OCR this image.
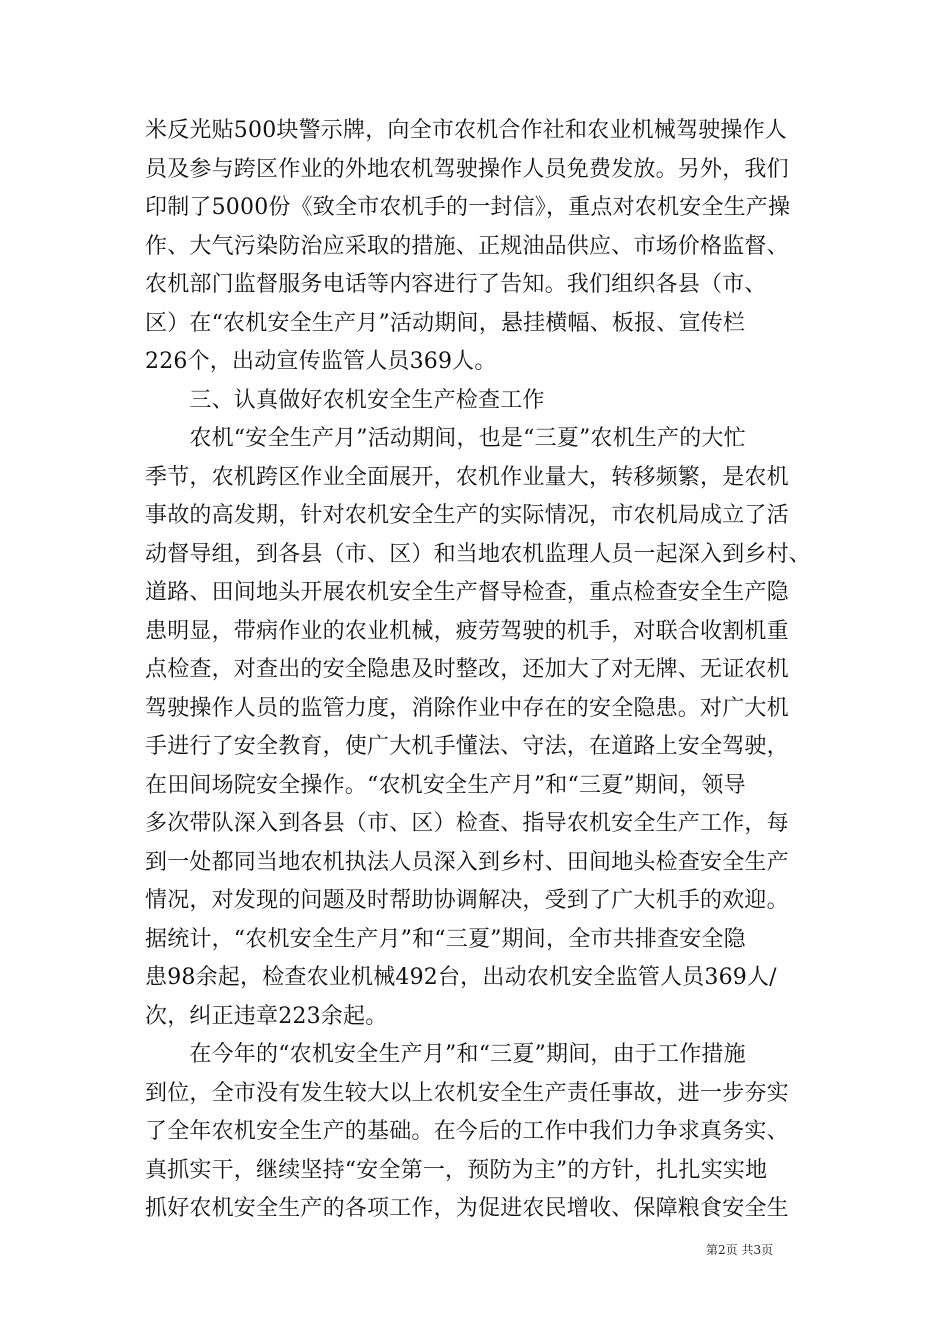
米反光贴500块警示牌，向全市农机合作社和农业机械驾驶操作人
员及参与跨区作业的外地农机驾驶操作人员免费发放。另外，我们
印制了5000份《致全市农机手的一封信》，重点对农机安全生产操
作、大气污染防治应采取的措施、正规油品供应、市场价格监督、
农机部门监督服务电话等内容进行了告知。我们组织各县（市、
区）在“农机安全生产月”活动期间，悬挂横幅、板报、宣传栏
226个，出动宣传监管人员369人。
　　三、认真做好农机安全生产检查工作
　　农机“安全生产月”活动期间，也是“三夏”农机生产的大忙
季节，农机跨区作业全面展开，农机作业量大，转移频繁，是农机
事故的高发期，针对农机安全生产的实际情况，市农机局成立了活
动督导组，到各县（市、区）和当地农机监理人员一起深入到乡村、
道路、田间地头开展农机安全生产督导检查，重点检查安全生产隐
患明显，带病作业的农业机械，疲劳驾驶的机手，对联合收割机重
点检查，对查出的安全隐患及时整改，还加大了对无牌、无证农机
驾驶操作人员的监管力度，消除作业中存在的安全隐患。对广大机
手进行了安全教育，使广大机手懂法、守法，在道路上安全驾驶，
在田间场院安全操作。“农机安全生产月”和“三夏”期间，领导
多次带队深入到各县（市、区）检查、指导农机安全生产工作，每
到一处都同当地农机执法人员深入到乡村、田间地头检查安全生产
情况，对发现的问题及时帮助协调解决，受到了广大机手的欢迎。
据统计，“农机安全生产月”和“三夏”期间，全市共排查安全隐
患98余起，检查农业机械492台，出动农机安全监管人员369人/
次，纠正违章223余起。
　　在今年的“农机安全生产月”和“三夏”期间，由于工作措施
到位，全市没有发生较大以上农机安全生产责任事故，进一步夯实
了全年农机安全生产的基础。在今后的工作中我们力争求真务实、
真抓实干，继续坚持“安全第一，预防为主”的方针，扎扎实实地
抓好农机安全生产的各项工作，为促进农民增收、保障粮食安全生
第2页 共3页
